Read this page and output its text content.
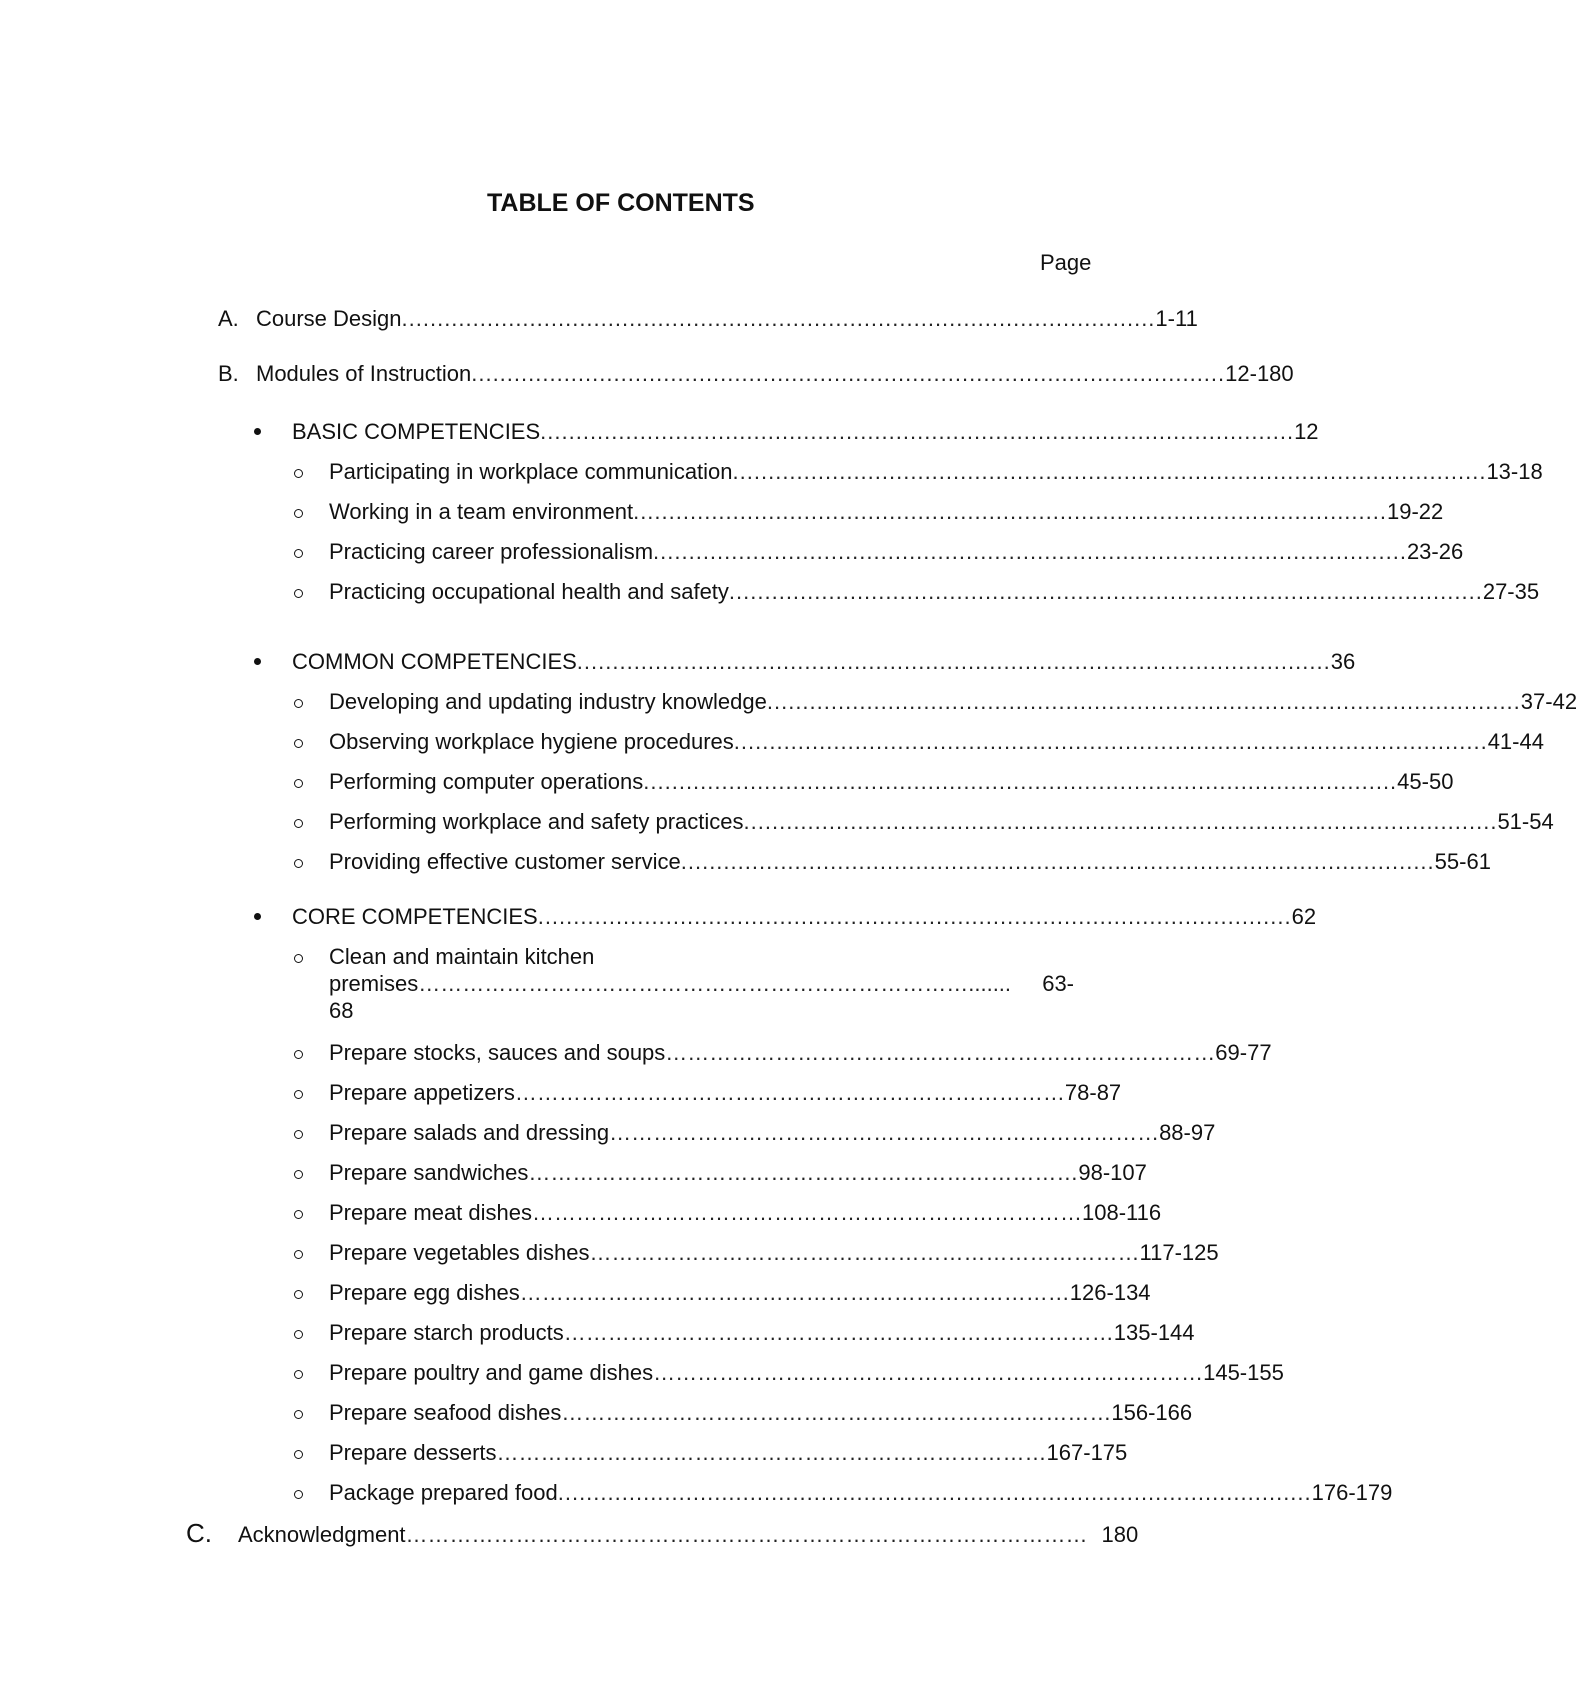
TABLE OF CONTENTS
Page
A. Course Design .......................................................................................................... 1-11
B. Modules of Instruction .......................................................................................................... 12-180
BASIC COMPETENCIES .......................................................................................................... 12
Participating in workplace communication .......................................................................................................... 13-18
Working in a team environment .......................................................................................................... 19-22
Practicing career professionalism .......................................................................................................... 23-26
Practicing occupational health and safety .......................................................................................................... 27-35
COMMON COMPETENCIES .......................................................................................................... 36
Developing and updating industry knowledge .......................................................................................................... 37-42
Observing workplace hygiene procedures .......................................................................................................... 41-44
Performing computer operations .......................................................................................................... 45-50
Performing workplace and safety practices .......................................................................................................... 51-54
Providing effective customer service .......................................................................................................... 55-61
CORE COMPETENCIES .......................................................................................................... 62
Clean and maintain kitchen
premises ………………………………………………………………….......	63-
68
Prepare stocks, sauces and soups ………………………………………………………………… 69-77
Prepare appetizers ………………………………………………………………… 78-87
Prepare salads and dressing ………………………………………………………………… 88-97
Prepare sandwiches ………………………………………………………………… 98-107
Prepare meat dishes ………………………………………………………………… 108-116
Prepare vegetables dishes ………………………………………………………………… 117-125
Prepare egg dishes ………………………………………………………………… 126-134
Prepare starch products ………………………………………………………………… 135-144
Prepare poultry and game dishes ………………………………………………………………… 145-155
Prepare seafood dishes ………………………………………………………………… 156-166
Prepare desserts ………………………………………………………………… 167-175
Package prepared food .......................................................................................................... 176-179
C. Acknowledgment ………………………………………………………………………………… 180
